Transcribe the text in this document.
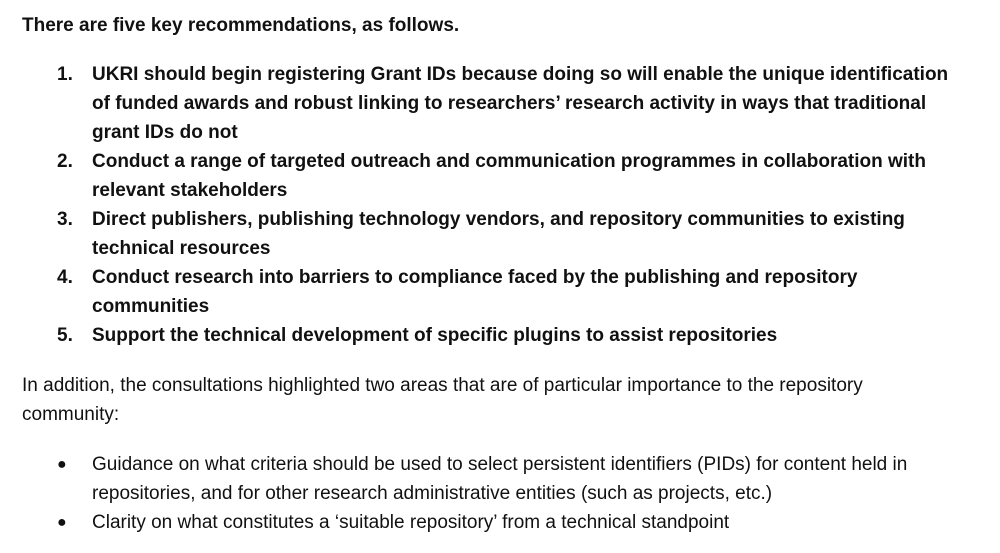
There are five key recommendations, as follows.
1. UKRI should begin registering Grant IDs because doing so will enable the unique identification of funded awards and robust linking to researchers’ research activity in ways that traditional grant IDs do not
2. Conduct a range of targeted outreach and communication programmes in collaboration with relevant stakeholders
3. Direct publishers, publishing technology vendors, and repository communities to existing technical resources
4. Conduct research into barriers to compliance faced by the publishing and repository communities
5. Support the technical development of specific plugins to assist repositories
In addition, the consultations highlighted two areas that are of particular importance to the repository community:
● Guidance on what criteria should be used to select persistent identifiers (PIDs) for content held in repositories, and for other research administrative entities (such as projects, etc.)
● Clarity on what constitutes a ‘suitable repository’ from a technical standpoint
